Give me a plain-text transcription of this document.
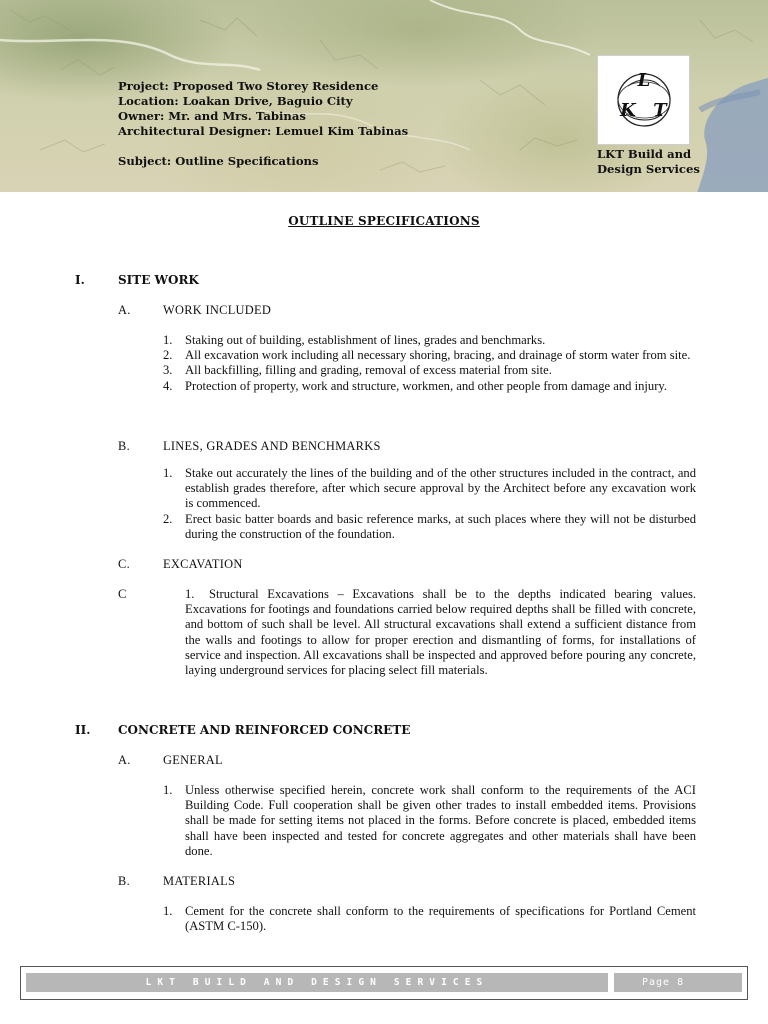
Project: Proposed Two Storey Residence
Location: Loakan Drive, Baguio City
Owner: Mr. and Mrs. Tabinas
Architectural Designer: Lemuel Kim Tabinas
Subject: Outline Specifications
L
K T
LKT Build and
Design Services
OUTLINE SPECIFICATIONS
I.	SITE WORK
A.	WORK INCLUDED
1. Staking out of building, establishment of lines, grades and benchmarks.
2. All excavation work including all necessary shoring, bracing, and drainage of storm water from site.
3. All backfilling, filling and grading, removal of excess material from site.
4. Protection of property, work and structure, workmen, and other people from damage and injury.
B.	LINES, GRADES AND BENCHMARKS
1. Stake out accurately the lines of the building and of the other structures included in the contract, and establish grades therefore, after which secure approval by the Architect before any excavation work is commenced.
2. Erect basic batter boards and basic reference marks, at such places where they will not be disturbed during the construction of the foundation.
C.	EXCAVATION
C	1. Structural Excavations – Excavations shall be to the depths indicated bearing values. Excavations for footings and foundations carried below required depths shall be filled with concrete, and bottom of such shall be level. All structural excavations shall extend a sufficient distance from the walls and footings to allow for proper erection and dismantling of forms, for installations of service and inspection. All excavations shall be inspected and approved before pouring any concrete, laying underground services for placing select fill materials.
II. CONCRETE AND REINFORCED CONCRETE
A.	GENERAL
1. Unless otherwise specified herein, concrete work shall conform to the requirements of the ACI Building Code. Full cooperation shall be given other trades to install embedded items. Provisions shall be made for setting items not placed in the forms. Before concrete is placed, embedded items shall have been inspected and tested for concrete aggregates and other materials shall have been done.
B.	MATERIALS
1. Cement for the concrete shall conform to the requirements of specifications for Portland Cement (ASTM C-150).
LKT BUILD AND DESIGN SERVICES	Page 8
